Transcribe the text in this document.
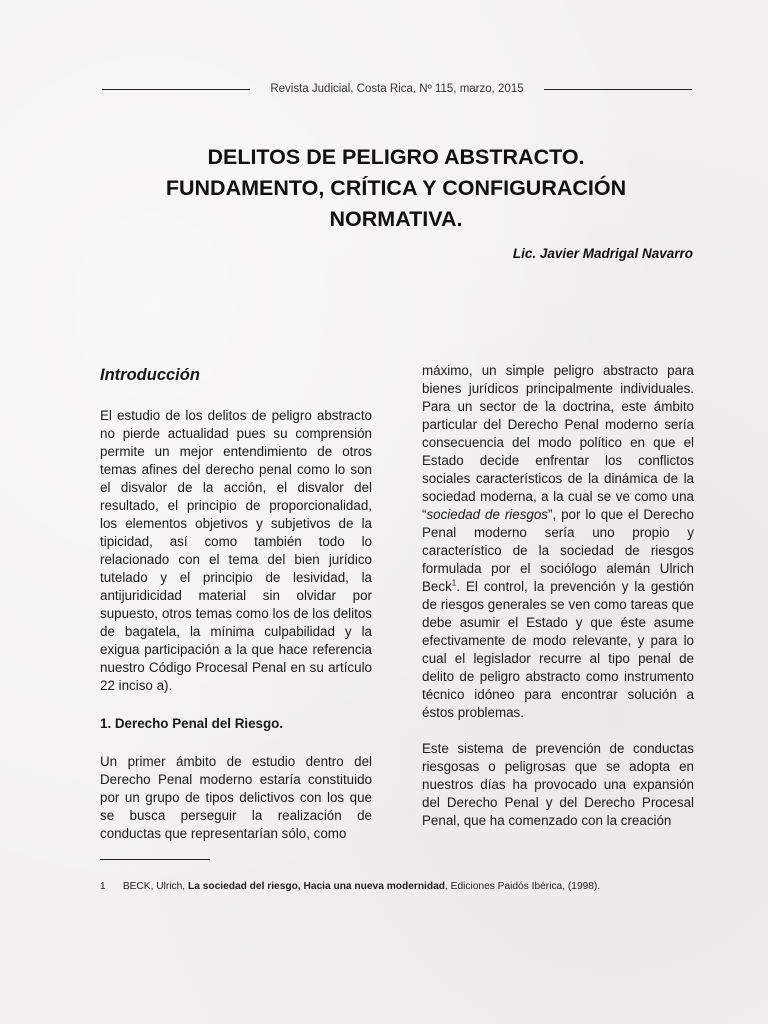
Revista Judicial, Costa Rica, Nº 115, marzo, 2015
DELITOS DE PELIGRO ABSTRACTO.
FUNDAMENTO, CRÍTICA Y CONFIGURACIÓN
NORMATIVA.
Lic. Javier Madrigal Navarro

Introducción

El estudio de los delitos de peligro abstracto no pierde actualidad pues su comprensión permite un mejor entendimiento de otros temas afines del derecho penal como lo son el disvalor de la acción, el disvalor del resultado, el principio de proporcionalidad, los elementos objetivos y subjetivos de la tipicidad, así como también todo lo relacionado con el tema del bien jurídico tutelado y el principio de lesividad, la antijuridicidad material sin olvidar por supuesto, otros temas como los de los delitos de bagatela, la mínima culpabilidad y la exigua participación a la que hace referencia nuestro Código Procesal Penal en su artículo 22 inciso a).

1. Derecho Penal del Riesgo.

Un primer ámbito de estudio dentro del Derecho Penal moderno estaría constituido por un grupo de tipos delictivos con los que se busca perseguir la realización de conductas que representarían sólo, como

máximo, un simple peligro abstracto para bienes jurídicos principalmente individuales. Para un sector de la doctrina, este ámbito particular del Derecho Penal moderno sería consecuencia del modo político en que el Estado decide enfrentar los conflictos sociales característicos de la dinámica de la sociedad moderna, a la cual se ve como una “sociedad de riesgos”, por lo que el Derecho Penal moderno sería uno propio y característico de la sociedad de riesgos formulada por el sociólogo alemán Ulrich Beck$^1$. El control, la prevención y la gestión de riesgos generales se ven como tareas que debe asumir el Estado y que éste asume efectivamente de modo relevante, y para lo cual el legislador recurre al tipo penal de delito de peligro abstracto como instrumento técnico idóneo para encontrar solución a éstos problemas.

Este sistema de prevención de conductas riesgosas o peligrosas que se adopta en nuestros días ha provocado una expansión del Derecho Penal y del Derecho Procesal Penal, que ha comenzado con la creación

1 BECK, Ulrich, La sociedad del riesgo, Hacia una nueva modernidad, Ediciones Paidós Ibérica, (1998).
